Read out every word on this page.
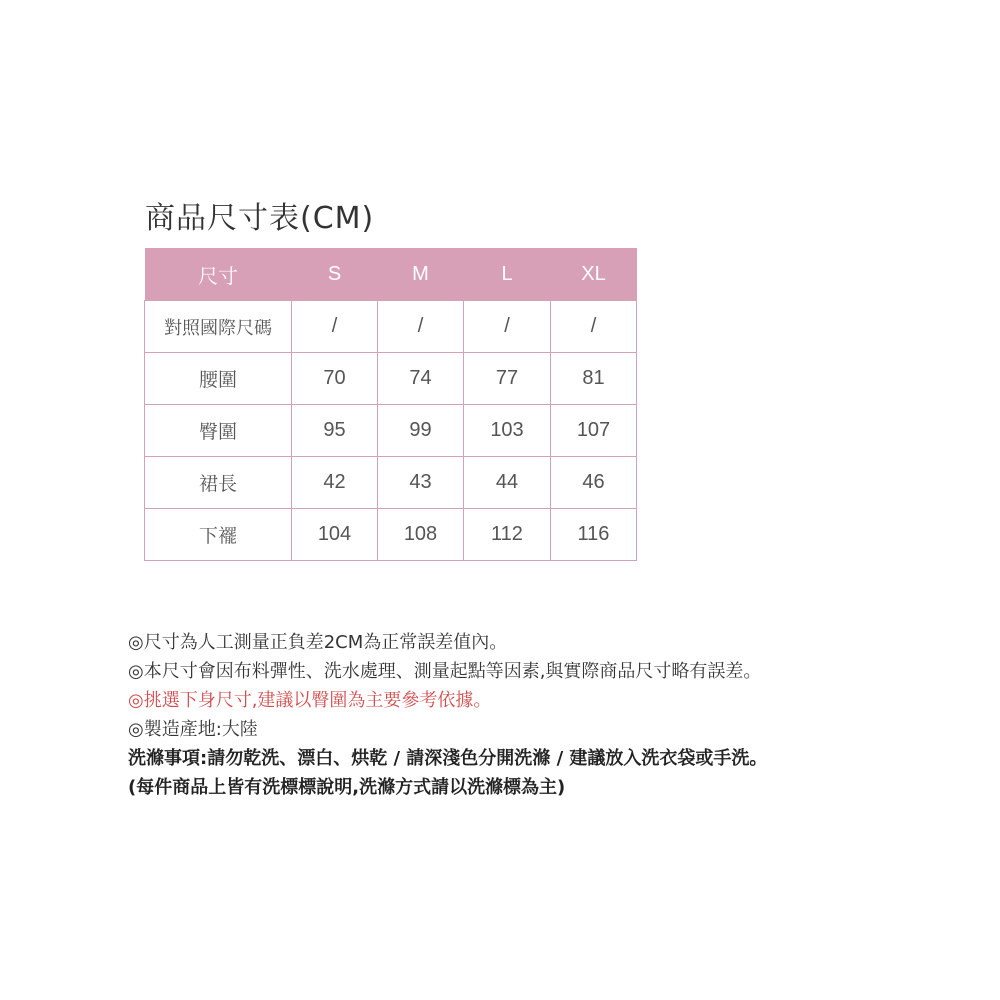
商品尺寸表(CM)
尺寸	S	M	L	XL
對照國際尺碼	/	/	/	/
腰圍	70	74	77	81
臀圍	95	99	103	107
裙長	42	43	44	46
下襬	104	108	112	116
◎尺寸為人工測量正負差2CM為正常誤差值內。
◎本尺寸會因布料彈性、洗水處理、測量起點等因素,與實際商品尺寸略有誤差。
◎挑選下身尺寸,建議以臀圍為主要參考依據。
◎製造產地:大陸
洗滌事項:請勿乾洗、漂白、烘乾 / 請深淺色分開洗滌 / 建議放入洗衣袋或手洗。
(每件商品上皆有洗標標說明,洗滌方式請以洗滌標為主)
